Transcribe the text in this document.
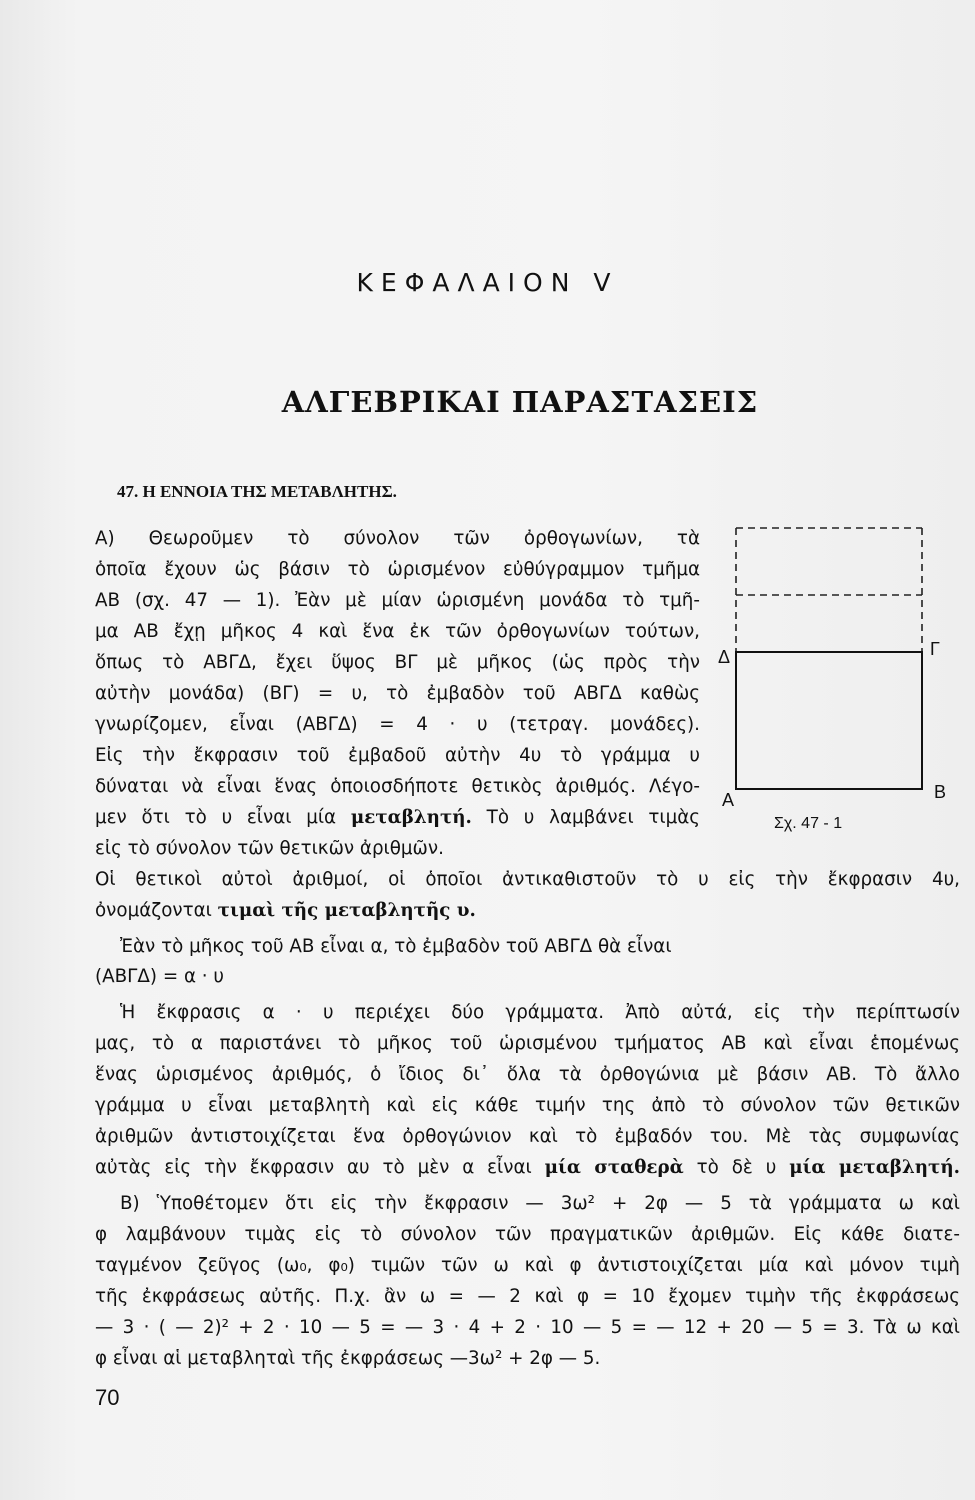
ΚΕΦΑΛΑΙΟΝ V
ΑΛΓΕΒΡΙΚΑΙ ΠΑΡΑΣΤΑΣΕΙΣ
47. Η ΕΝΝΟΙΑ ΤΗΣ ΜΕΤΑΒΛΗΤΗΣ.
Α) Θεωροῦμεν τὸ σύνολον τῶν ὀρθογωνίων, τὰ
ὁποῖα ἔχουν ὡς βάσιν τὸ ὡρισμένον εὐθύγραμμον τμῆμα
ΑΒ (σχ. 47 — 1). Ἐὰν μὲ μίαν ὡρισμένη μονάδα τὸ τμῆ-
μα ΑΒ ἔχῃ μῆκος 4 καὶ ἕνα ἐκ τῶν ὀρθογωνίων τούτων,
ὅπως τὸ ΑΒΓΔ, ἔχει ὕψος ΒΓ μὲ μῆκος (ὡς πρὸς τὴν
αὐτὴν μονάδα) (ΒΓ) = υ, τὸ ἐμβαδὸν τοῦ ΑΒΓΔ καθὼς
γνωρίζομεν, εἶναι (ΑΒΓΔ) = 4 · υ (τετραγ. μονάδες).
Εἰς τὴν ἔκφρασιν τοῦ ἐμβαδοῦ αὐτὴν 4υ τὸ γράμμα υ
δύναται νὰ εἶναι ἕνας ὁποιοσδήποτε θετικὸς ἀριθμός. Λέγο-
μεν ὅτι τὸ υ εἶναι μία μεταβλητή. Τὸ υ λαμβάνει τιμὰς
εἰς τὸ σύνολον τῶν θετικῶν ἀριθμῶν.
Οἱ θετικοὶ αὐτοὶ ἀριθμοί, οἱ ὁποῖοι ἀντικαθιστοῦν τὸ υ εἰς τὴν ἔκφρασιν 4υ,
ὀνομάζονται τιμαὶ τῆς μεταβλητῆς υ.
Ἐὰν τὸ μῆκος τοῦ ΑΒ εἶναι α, τὸ ἐμβαδὸν τοῦ ΑΒΓΔ θὰ εἶναι
(ΑΒΓΔ) = α · υ
Ἡ ἔκφρασις α · υ περιέχει δύο γράμματα. Ἀπὸ αὐτά, εἰς τὴν περίπτωσίν
μας, τὸ α παριστάνει τὸ μῆκος τοῦ ὡρισμένου τμήματος ΑΒ καὶ εἶναι ἑπομένως
ἕνας ὡρισμένος ἀριθμός, ὁ ἴδιος δι᾽ ὅλα τὰ ὀρθογώνια μὲ βάσιν ΑΒ. Τὸ ἄλλο
γράμμα υ εἶναι μεταβλητὴ καὶ εἰς κάθε τιμήν της ἀπὸ τὸ σύνολον τῶν θετικῶν
ἀριθμῶν ἀντιστοιχίζεται ἕνα ὀρθογώνιον καὶ τὸ ἐμβαδόν του. Μὲ τὰς συμφωνίας
αὐτὰς εἰς τὴν ἔκφρασιν αυ τὸ μὲν α εἶναι μία σταθερὰ τὸ δὲ υ μία μεταβλητή.
Β) Ὑποθέτομεν ὅτι εἰς τὴν ἔκφρασιν — 3ω² + 2φ — 5 τὰ γράμματα ω καὶ
φ λαμβάνουν τιμὰς εἰς τὸ σύνολον τῶν πραγματικῶν ἀριθμῶν. Εἰς κάθε διατε-
ταγμένον ζεῦγος (ω₀, φ₀) τιμῶν τῶν ω καὶ φ ἀντιστοιχίζεται μία καὶ μόνον τιμὴ
τῆς ἐκφράσεως αὐτῆς. Π.χ. ἂν ω = — 2 καὶ φ = 10 ἔχομεν τιμὴν τῆς ἐκφράσεως
— 3 · ( — 2)² + 2 · 10 — 5 = — 3 · 4 + 2 · 10 — 5 = — 12 + 20 — 5 = 3. Τὰ ω καὶ
φ εἶναι αἱ μεταβληταὶ τῆς ἐκφράσεως —3ω² + 2φ — 5.
Δ	Γ
Α	Β
Σχ. 47 - 1
70
